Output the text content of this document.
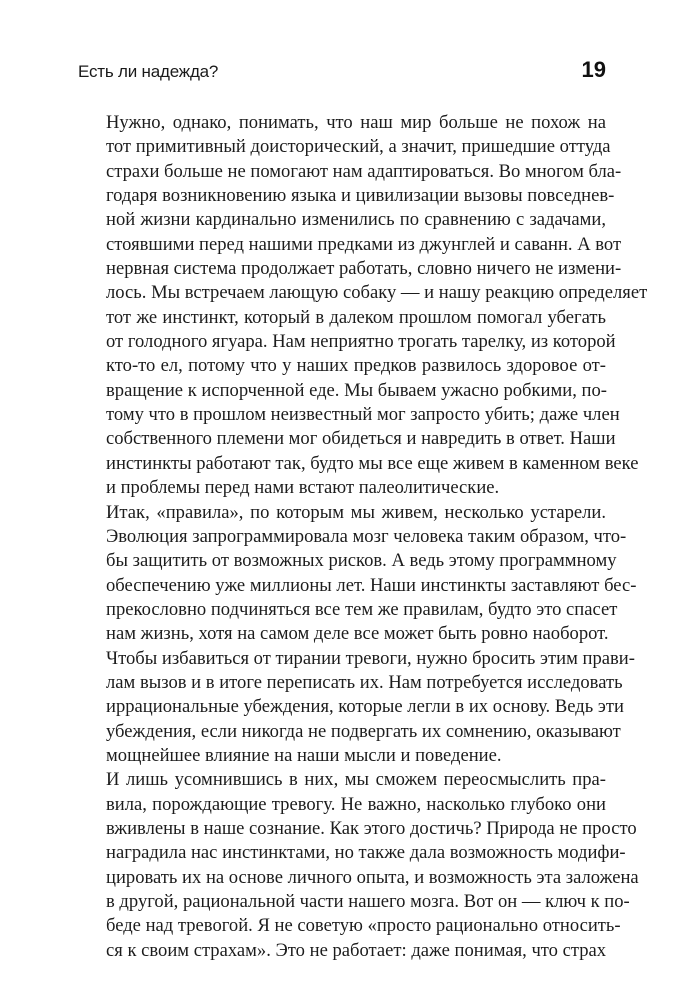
Есть ли надежда?	19
Нужно, однако, понимать, что наш мир больше не похож на
тот примитивный доисторический, а значит, пришедшие оттуда
страхи больше не помогают нам адаптироваться. Во многом бла-
годаря возникновению языка и цивилизации вызовы повседнев-
ной жизни кардинально изменились по сравнению с задачами,
стоявшими перед нашими предками из джунглей и саванн. А вот
нервная система продолжает работать, словно ничего не измени-
лось. Мы встречаем лающую собаку — и нашу реакцию определяет
тот же инстинкт, который в далеком прошлом помогал убегать
от голодного ягуара. Нам неприятно трогать тарелку, из которой
кто-то ел, потому что у наших предков развилось здоровое от-
вращение к испорченной еде. Мы бываем ужасно робкими, по-
тому что в прошлом неизвестный мог запросто убить; даже член
собственного племени мог обидеться и навредить в ответ. Наши
инстинкты работают так, будто мы все еще живем в каменном веке
и проблемы перед нами встают палеолитические.
Итак, «правила», по которым мы живем, несколько устарели.
Эволюция запрограммировала мозг человека таким образом, что-
бы защитить от возможных рисков. А ведь этому программному
обеспечению уже миллионы лет. Наши инстинкты заставляют бес-
прекословно подчиняться все тем же правилам, будто это спасет
нам жизнь, хотя на самом деле все может быть ровно наоборот.
Чтобы избавиться от тирании тревоги, нужно бросить этим прави-
лам вызов и в итоге переписать их. Нам потребуется исследовать
иррациональные убеждения, которые легли в их основу. Ведь эти
убеждения, если никогда не подвергать их сомнению, оказывают
мощнейшее влияние на наши мысли и поведение.
И лишь усомнившись в них, мы сможем переосмыслить пра-
вила, порождающие тревогу. Не важно, насколько глубоко они
вживлены в наше сознание. Как этого достичь? Природа не просто
наградила нас инстинктами, но также дала возможность модифи-
цировать их на основе личного опыта, и возможность эта заложена
в другой, рациональной части нашего мозга. Вот он — ключ к по-
беде над тревогой. Я не советую «просто рационально относить-
ся к своим страхам». Это не работает: даже понимая, что страх
